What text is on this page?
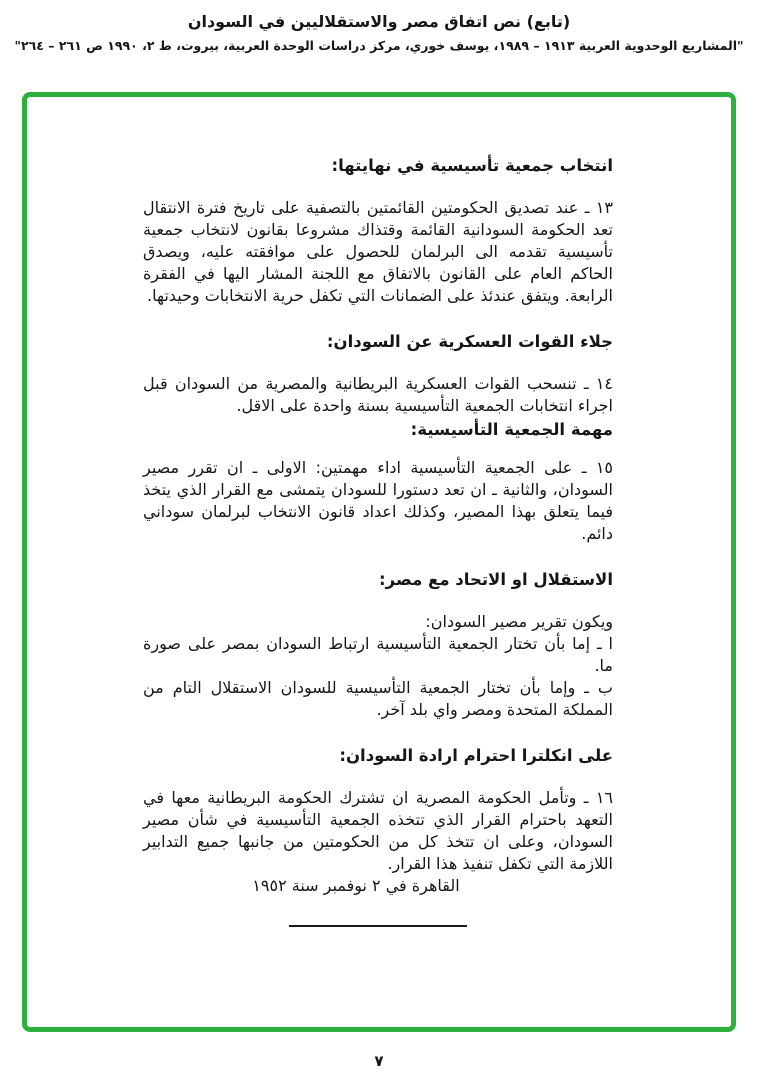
(تابع) نص اتفاق مصر والاستقلاليين في السودان
"المشاريع الوحدوية العربية ١٩١٣ – ١٩٨٩، يوسف خوري، مركز دراسات الوحدة العربية، بيروت، ط ٢، ١٩٩٠ ص ٢٦١ – ٢٦٤"
انتخاب جمعية تأسيسية في نهايتها:

١٣ ـ عند تصديق الحكومتين القائمتين بالتصفية على تاريخ فترة الانتقال تعد الحكومة السودانية القائمة وقتذاك مشروعا بقانون لانتخاب جمعية تأسيسية تقدمه الى البرلمان للحصول على موافقته عليه، ويصدق الحاكم العام على القانون بالاتفاق مع اللجنة المشار اليها في الفقرة الرابعة. ويتفق عندئذ على الضمانات التي تكفل حرية الانتخابات وحيدتها.

جلاء القوات العسكرية عن السودان:

١٤ ـ تنسحب القوات العسكرية البريطانية والمصرية من السودان قبل اجراء انتخابات الجمعية التأسيسية بسنة واحدة على الاقل.

مهمة الجمعية التأسيسية:

١٥ ـ على الجمعية التأسيسية اداء مهمتين: الاولى ـ ان تقرر مصير السودان، والثانية ـ ان تعد دستورا للسودان يتمشى مع القرار الذي يتخذ فيما يتعلق بهذا المصير، وكذلك اعداد قانون الانتخاب لبرلمان سوداني دائم.

الاستقلال او الاتحاد مع مصر:

ويكون تقرير مصير السودان:

ا ـ إما بأن تختار الجمعية التأسيسية ارتباط السودان بمصر على صورة ما.

ب ـ وإما بأن تختار الجمعية التأسيسية للسودان الاستقلال التام من المملكة المتحدة ومصر واي بلد آخر.

على انكلترا احترام ارادة السودان:

١٦ ـ وتأمل الحكومة المصرية ان تشترك الحكومة البريطانية معها في التعهد باحترام القرار الذي تتخذه الجمعية التأسيسية في شأن مصير السودان، وعلى ان تتخذ كل من الحكومتين من جانبها جميع التدابير اللازمة التي تكفل تنفيذ هذا القرار.

القاهرة في ٢ نوفمبر سنة ١٩٥٢
٧
